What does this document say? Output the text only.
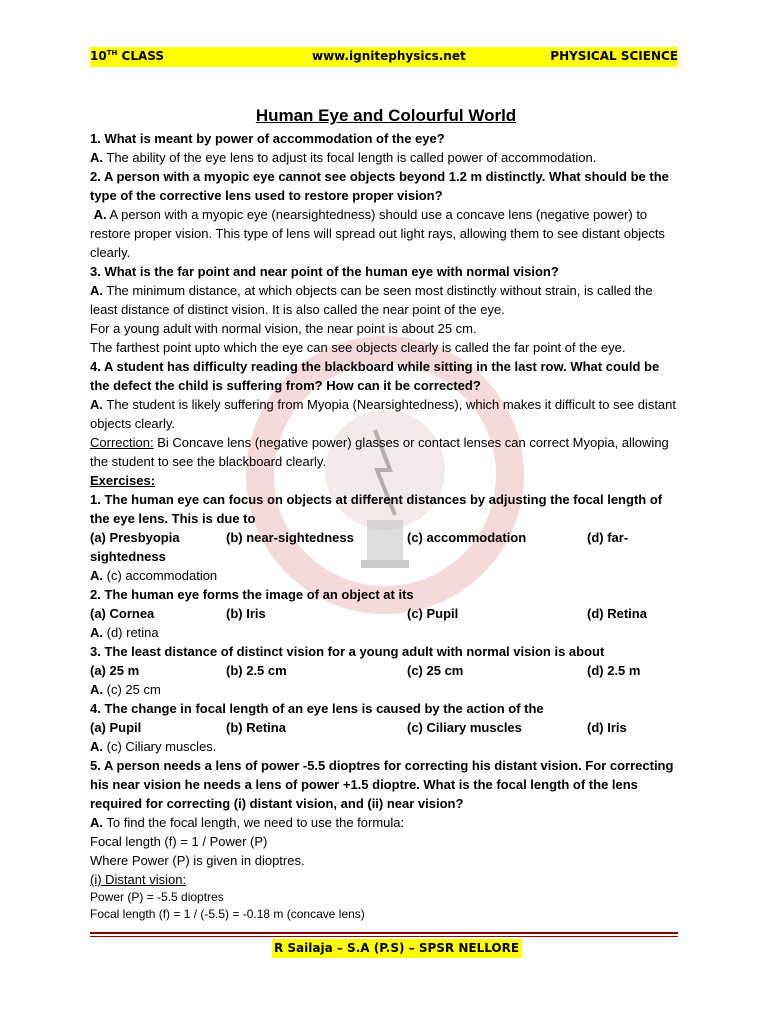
10TH CLASS	www.ignitephysics.net	PHYSICAL SCIENCE
Human Eye and Colourful World

1. What is meant by power of accommodation of the eye?

A. The ability of the eye lens to adjust its focal length is called power of accommodation.

2. A person with a myopic eye cannot see objects beyond 1.2 m distinctly. What should be the type of the corrective lens used to restore proper vision?

A. A person with a myopic eye (nearsightedness) should use a concave lens (negative power) to restore proper vision. This type of lens will spread out light rays, allowing them to see distant objects clearly.

3. What is the far point and near point of the human eye with normal vision?

A. The minimum distance, at which objects can be seen most distinctly without strain, is called the least distance of distinct vision. It is also called the near point of the eye.

For a young adult with normal vision, the near point is about 25 cm.

The farthest point upto which the eye can see objects clearly is called the far point of the eye.

4. A student has difficulty reading the blackboard while sitting in the last row. What could be the defect the child is suffering from? How can it be corrected?

A. The student is likely suffering from Myopia (Nearsightedness), which makes it difficult to see distant objects clearly.

Correction: Bi Concave lens (negative power) glasses or contact lenses can correct Myopia, allowing the student to see the blackboard clearly.

Exercises:

1. The human eye can focus on objects at different distances by adjusting the focal length of the eye lens. This is due to

(a) Presbyopia	(b) near-sightedness	(c) accommodation	(d) far-
sightedness

A. (c) accommodation

2. The human eye forms the image of an object at its

(a) Cornea	(b) Iris	(c) Pupil	(d) Retina

A. (d) retina

3. The least distance of distinct vision for a young adult with normal vision is about

(a) 25 m	(b) 2.5 cm	(c) 25 cm	(d) 2.5 m

A. (c) 25 cm

4. The change in focal length of an eye lens is caused by the action of the

(a) Pupil	(b) Retina	(c) Ciliary muscles	(d) Iris

A. (c) Ciliary muscles.

5. A person needs a lens of power -5.5 dioptres for correcting his distant vision. For correcting his near vision he needs a lens of power +1.5 dioptre. What is the focal length of the lens required for correcting (i) distant vision, and (ii) near vision?

A. To find the focal length, we need to use the formula:

Focal length (f) = 1 / Power (P)

Where Power (P) is given in dioptres.

(i) Distant vision:

Power (P) = -5.5 dioptres

Focal length (f) = 1 / (-5.5) = -0.18 m (concave lens)

R Sailaja – S.A (P.S) – SPSR NELLORE
